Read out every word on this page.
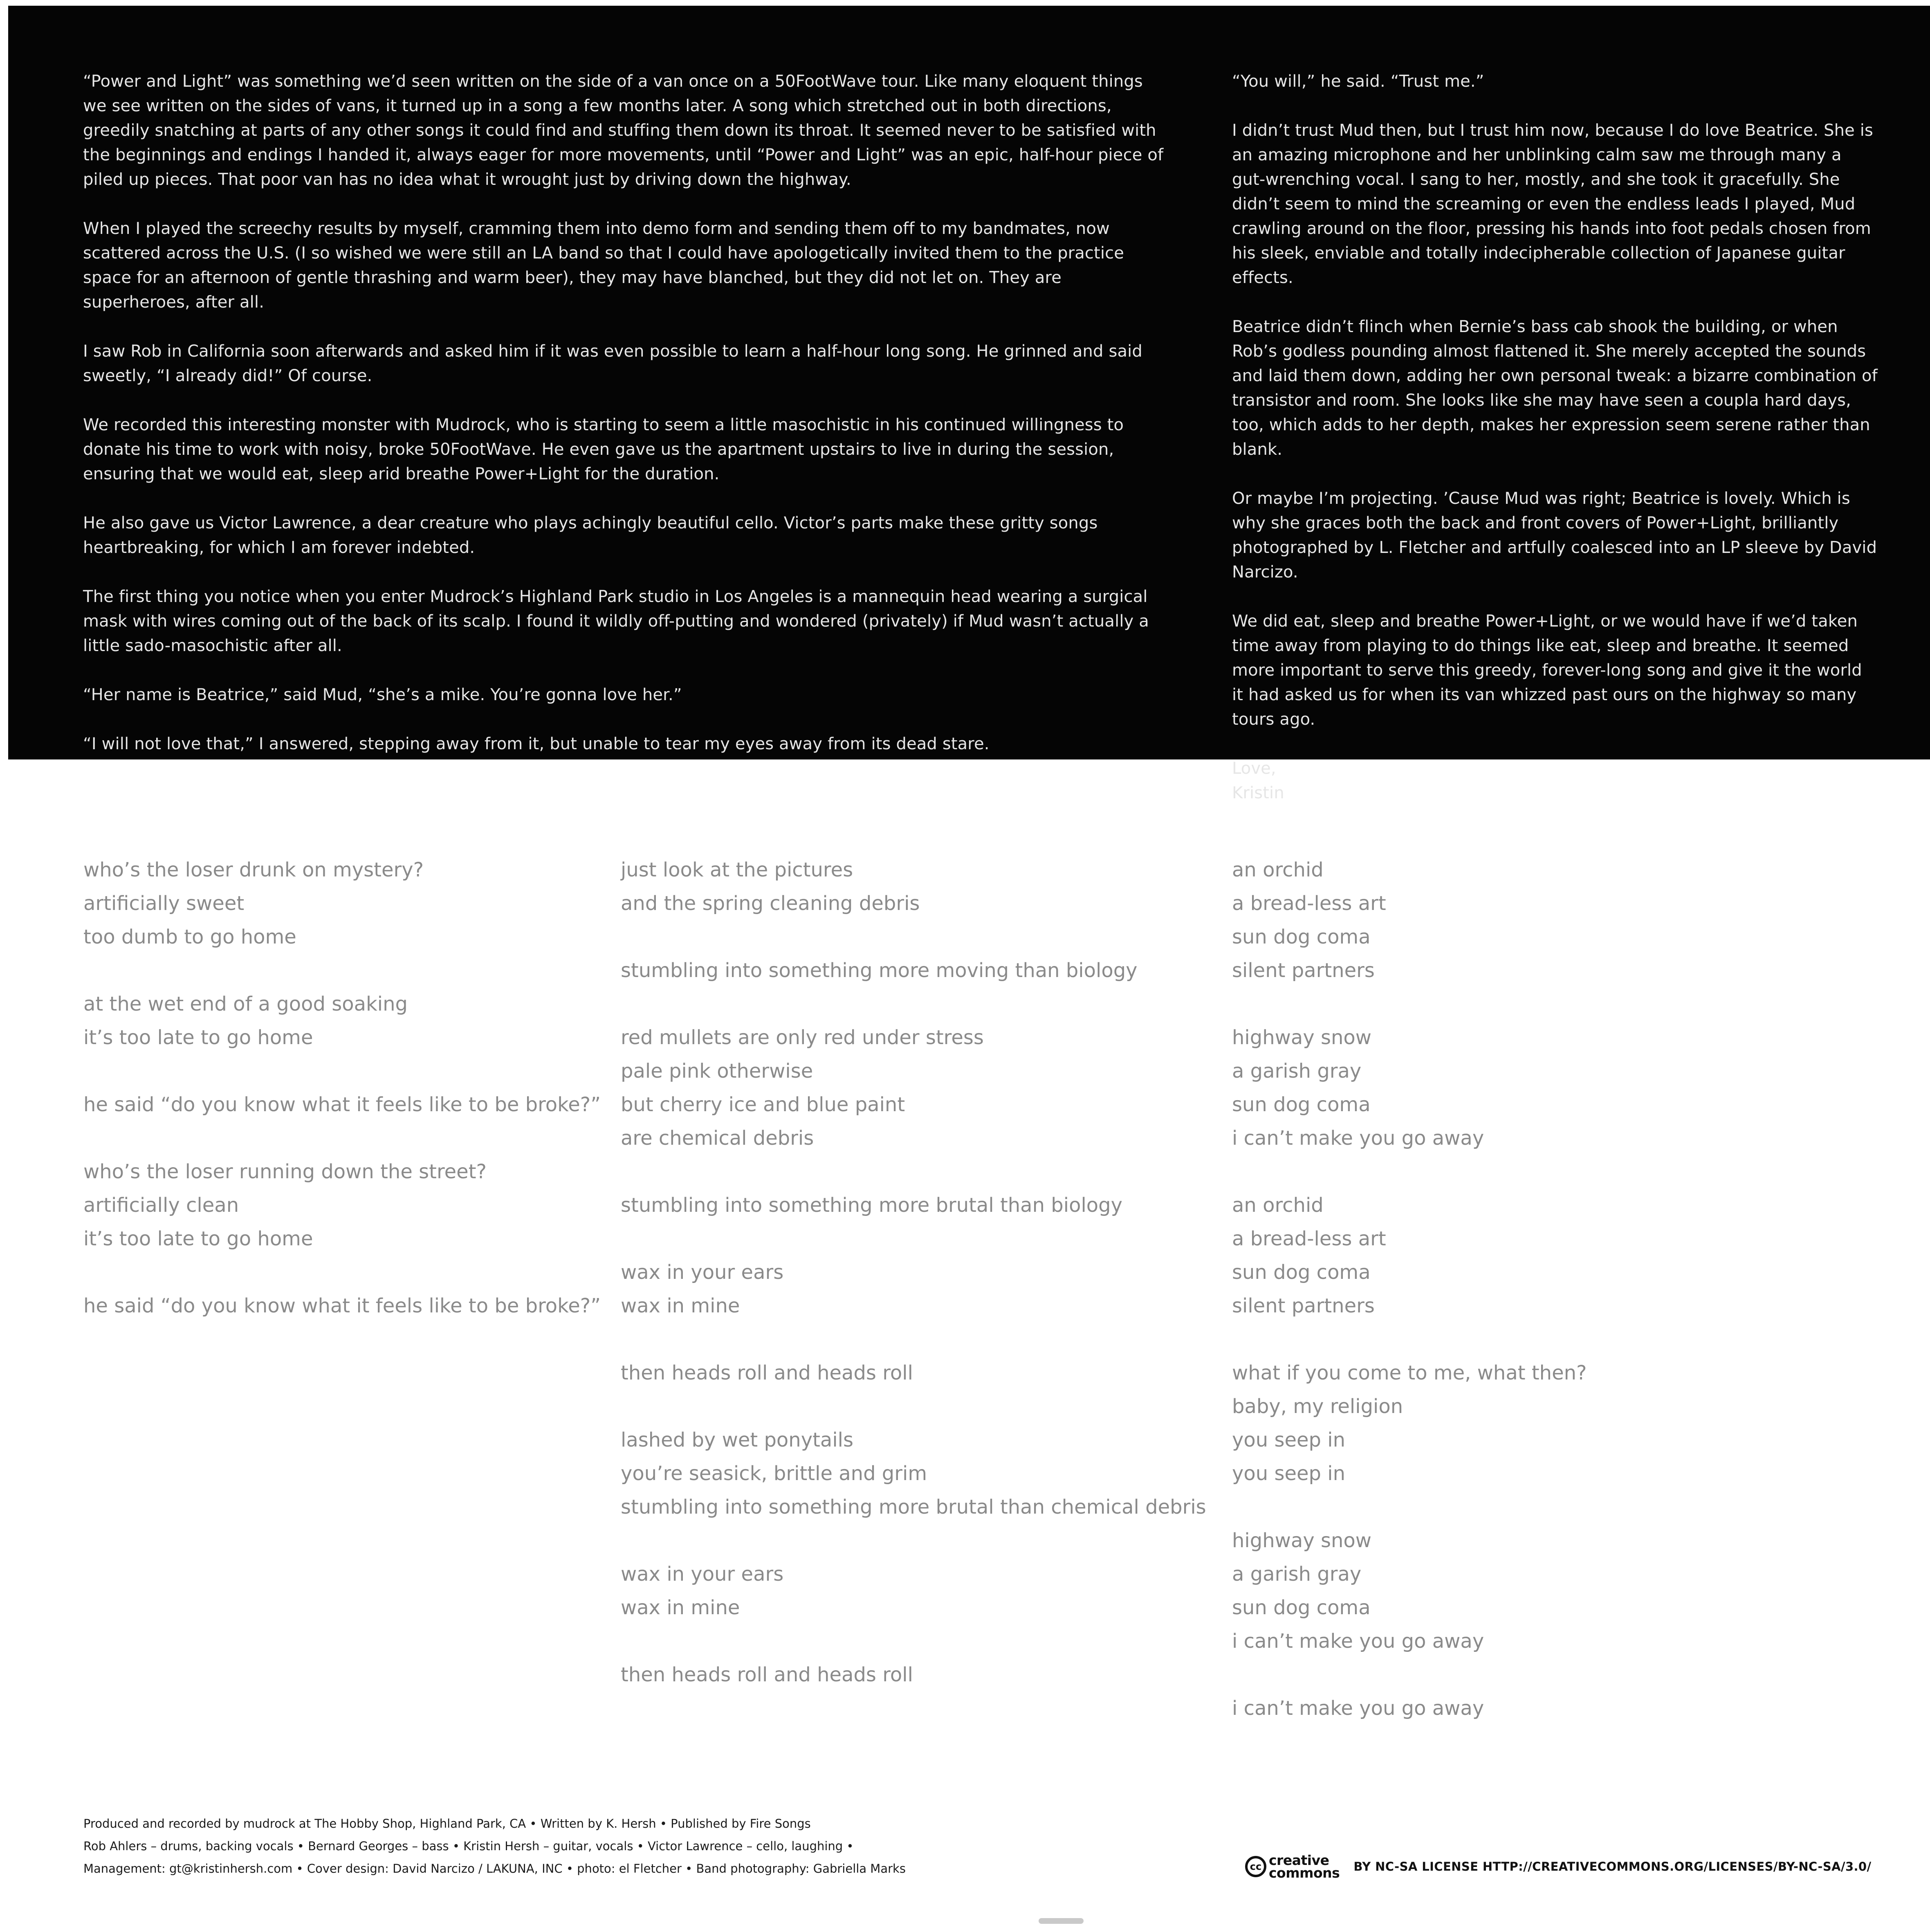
“Power and Light” was something we’d seen written on the side of a van once on a 50FootWave tour. Like many eloquent things we see written on the sides of vans, it turned up in a song a few months later. A song which stretched out in both directions, greedily snatching at parts of any other songs it could find and stuffing them down its throat. It seemed never to be satisfied with the beginnings and endings I handed it, always eager for more movements, until “Power and Light” was an epic, half-hour piece of piled up pieces. That poor van has no idea what it wrought just by driving down the highway.

When I played the screechy results by myself, cramming them into demo form and sending them off to my bandmates, now scattered across the U.S. (I so wished we were still an LA band so that I could have apologetically invited them to the practice space for an afternoon of gentle thrashing and warm beer), they may have blanched, but they did not let on. They are superheroes, after all.

I saw Rob in California soon afterwards and asked him if it was even possible to learn a half-hour long song. He grinned and said sweetly, “I already did!” Of course.

We recorded this interesting monster with Mudrock, who is starting to seem a little masochistic in his continued willingness to donate his time to work with noisy, broke 50FootWave. He even gave us the apartment upstairs to live in during the session, ensuring that we would eat, sleep arid breathe Power+Light for the duration.

He also gave us Victor Lawrence, a dear creature who plays achingly beautiful cello. Victor’s parts make these gritty songs heartbreaking, for which I am forever indebted.

The first thing you notice when you enter Mudrock’s Highland Park studio in Los Angeles is a mannequin head wearing a surgical mask with wires coming out of the back of its scalp. I found it wildly off-putting and wondered (privately) if Mud wasn’t actually a little sado-masochistic after all.

“Her name is Beatrice,” said Mud, “she’s a mike. You’re gonna love her.”

“I will not love that,” I answered, stepping away from it, but unable to tear my eyes away from its dead stare.

“You will,” he said. “Trust me.”

I didn’t trust Mud then, but I trust him now, because I do love Beatrice. She is an amazing microphone and her unblinking calm saw me through many a gut-wrenching vocal. I sang to her, mostly, and she took it gracefully. She didn’t seem to mind the screaming or even the endless leads I played, Mud crawling around on the floor, pressing his hands into foot pedals chosen from his sleek, enviable and totally indecipherable collection of Japanese guitar effects.

Beatrice didn’t flinch when Bernie’s bass cab shook the building, or when Rob’s godless pounding almost flattened it. She merely accepted the sounds and laid them down, adding her own personal tweak: a bizarre combination of transistor and room. She looks like she may have seen a coupla hard days, too, which adds to her depth, makes her expression seem serene rather than blank.

Or maybe I’m projecting. ’Cause Mud was right; Beatrice is lovely. Which is why she graces both the back and front covers of Power+Light, brilliantly photographed by L. Fletcher and artfully coalesced into an LP sleeve by David Narcizo.

We did eat, sleep and breathe Power+Light, or we would have if we’d taken time away from playing to do things like eat, sleep and breathe. It seemed more important to serve this greedy, forever-long song and give it the world it had asked us for when its van whizzed past ours on the highway so many tours ago.

Love,
Kristin
who’s the loser drunk on mystery?
artificially sweet
too dumb to go home
at the wet end of a good soaking
it’s too late to go home
he said “do you know what it feels like to be broke?”
who’s the loser running down the street?
artificially clean
it’s too late to go home
he said “do you know what it feels like to be broke?”
just look at the pictures
and the spring cleaning debris
stumbling into something more moving than biology
red mullets are only red under stress
pale pink otherwise
but cherry ice and blue paint
are chemical debris
stumbling into something more brutal than biology
wax in your ears
wax in mine
then heads roll and heads roll
lashed by wet ponytails
you’re seasick, brittle and grim
stumbling into something more brutal than chemical debris
wax in your ears
wax in mine
then heads roll and heads roll
an orchid
a bread-less art
sun dog coma
silent partners
highway snow
a garish gray
sun dog coma
i can’t make you go away
an orchid
a bread-less art
sun dog coma
silent partners
what if you come to me, what then?
baby, my religion
you seep in
you seep in
highway snow
a garish gray
sun dog coma
i can’t make you go away
i can’t make you go away
Produced and recorded by mudrock at The Hobby Shop, Highland Park, CA • Written by K. Hersh • Published by Fire Songs
Rob Ahlers – drums, backing vocals • Bernard Georges – bass • Kristin Hersh – guitar, vocals • Victor Lawrence – cello, laughing •
Management: gt@kristinhersh.com • Cover design: David Narcizo / LAKUNA, INC • photo: el Fletcher • Band photography: Gabriella Marks	cc creative
commons BY NC-SA LICENSE HTTP://CREATIVECOMMONS.ORG/LICENSES/BY-NC-SA/3.0/
